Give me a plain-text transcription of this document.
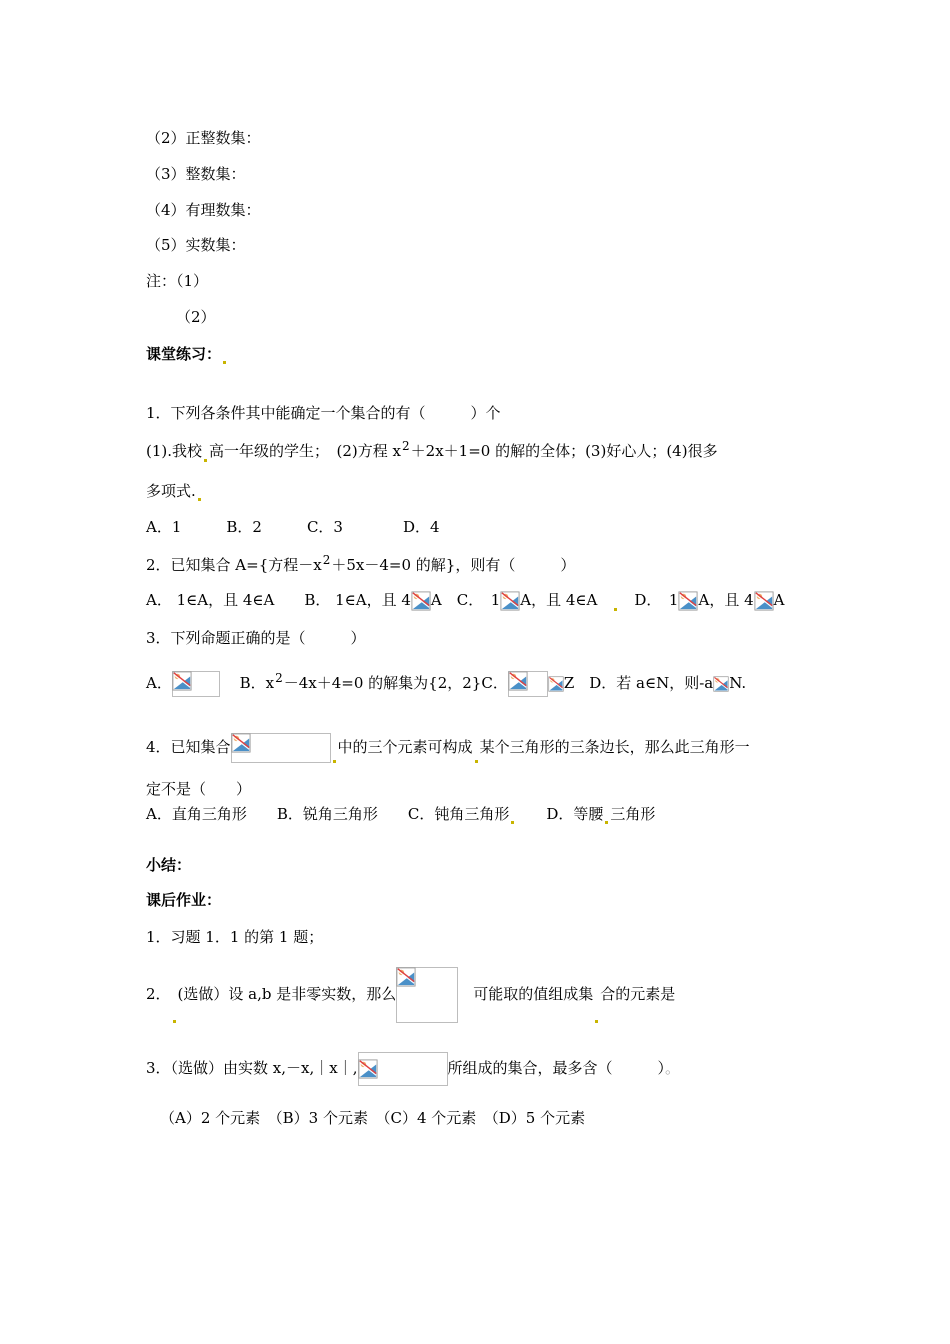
（2）正整数集：
（3）整数集：
（4）有理数集：
（5）实数集：
注：（1）
（2）
课堂练习：
1．下列各条件其中能确定一个集合的有（　　　）个
(1).我校 高一年级的学生；　(2)方程 $x^2+2x+1=0$ 的解的全体；(3)好心人；(4)很多
多项式.
A．1　　　B．2　　　C．3　　　　D．4
2．已知集合 A={方程$-x^2+5x-4=0$ 的解}，则有（　　　）
A． 1∈A，且 4∈A　　B． 1∈A，且 4 A　C．　1 A，且 4∈A　　 D．　1 A，且 4 A
3．下列命题正确的是（　　　）
A．
　	B．$x^2-4x+4=0$ 的解集为{2，2}C．	Z　D．若 a∈N，则-a N.
4．已知集合	中的三个元素可构成 某个三角形的三条边长，那么此三角形一
定不是（　　）
A．直角三角形　　B．锐角三角形　　C．钝角三角形　　D．等腰 三角形
小结：
课后作业：
1．习题 1．1 的第 1 题；
2． (选做）设 a,b 是非零实数，那么
　	可能取的值组成集 合的元素是
3．（选做）由实数 x,－x,｜x｜,	所组成的集合，最多含（　　　）。
（A）2 个元素　（B）3 个元素　（C）4 个元素　（D）5 个元素
